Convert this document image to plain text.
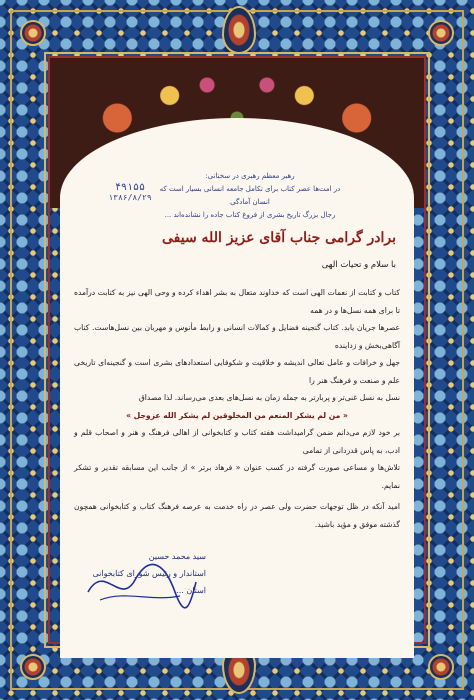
۴۹۱۵۵
۱۳۸۶/۸/۲۹
رهبر معظم رهبری در سخنانی:
در امت‌ها عصر کتاب برای تکامل جامعه انسانی بسیار است که انسان آمادگی
رجال بزرگ تاریخ بشری از فروغ کتاب جاده را نشانده‌اند ...
برادر گرامی جناب آقای عزیز الله سیفی
با سلام و تحیات الهی

کتاب و کتابت از نعمات الهی است که خداوند متعال به بشر اهداء کرده و وحی الهی نیز به کتابت درآمده تا برای همه نسل‌ها و در همه

عصرها جریان یابد. کتاب گنجینه فضایل و کمالات انسانی و رابط مأنوس و مهربان بین نسل‌هاست. کتاب آگاهی‌بخش و زداینده

جهل و خرافات و عامل تعالی اندیشه و خلاقیت و شکوفایی استعدادهای بشری است و گنجینه‌ای تاریخی علم و صنعت و فرهنگ هنر را

نسل به نسل غنی‌تر و پربارتر به جمله زمان به نسل‌های بعدی می‌رساند. لذا مصداق

« من لم یشکر المنعم من المخلوقین لم یشکر الله عزوجل »

بر خود لازم می‌دانم ضمن گرامیداشت هفته کتاب و کتابخوانی از اهالی فرهنگ و هنر و اصحاب قلم و ادب، به پاس قدردانی از تمامی

تلاش‌ها و مساعی صورت گرفته در کسب عنوان « فرهاد برتر » از جانب این مسابقه تقدیر و تشکر نمایم.

امید آنکه در ظل توجهات حضرت ولی عصر در راه خدمت به عرصه فرهنگ کتاب و کتابخوانی همچون گذشته موفق و مؤید باشید.

سید محمد حسین
استاندار و رئیس شورای کتابخوانی
استان ...
